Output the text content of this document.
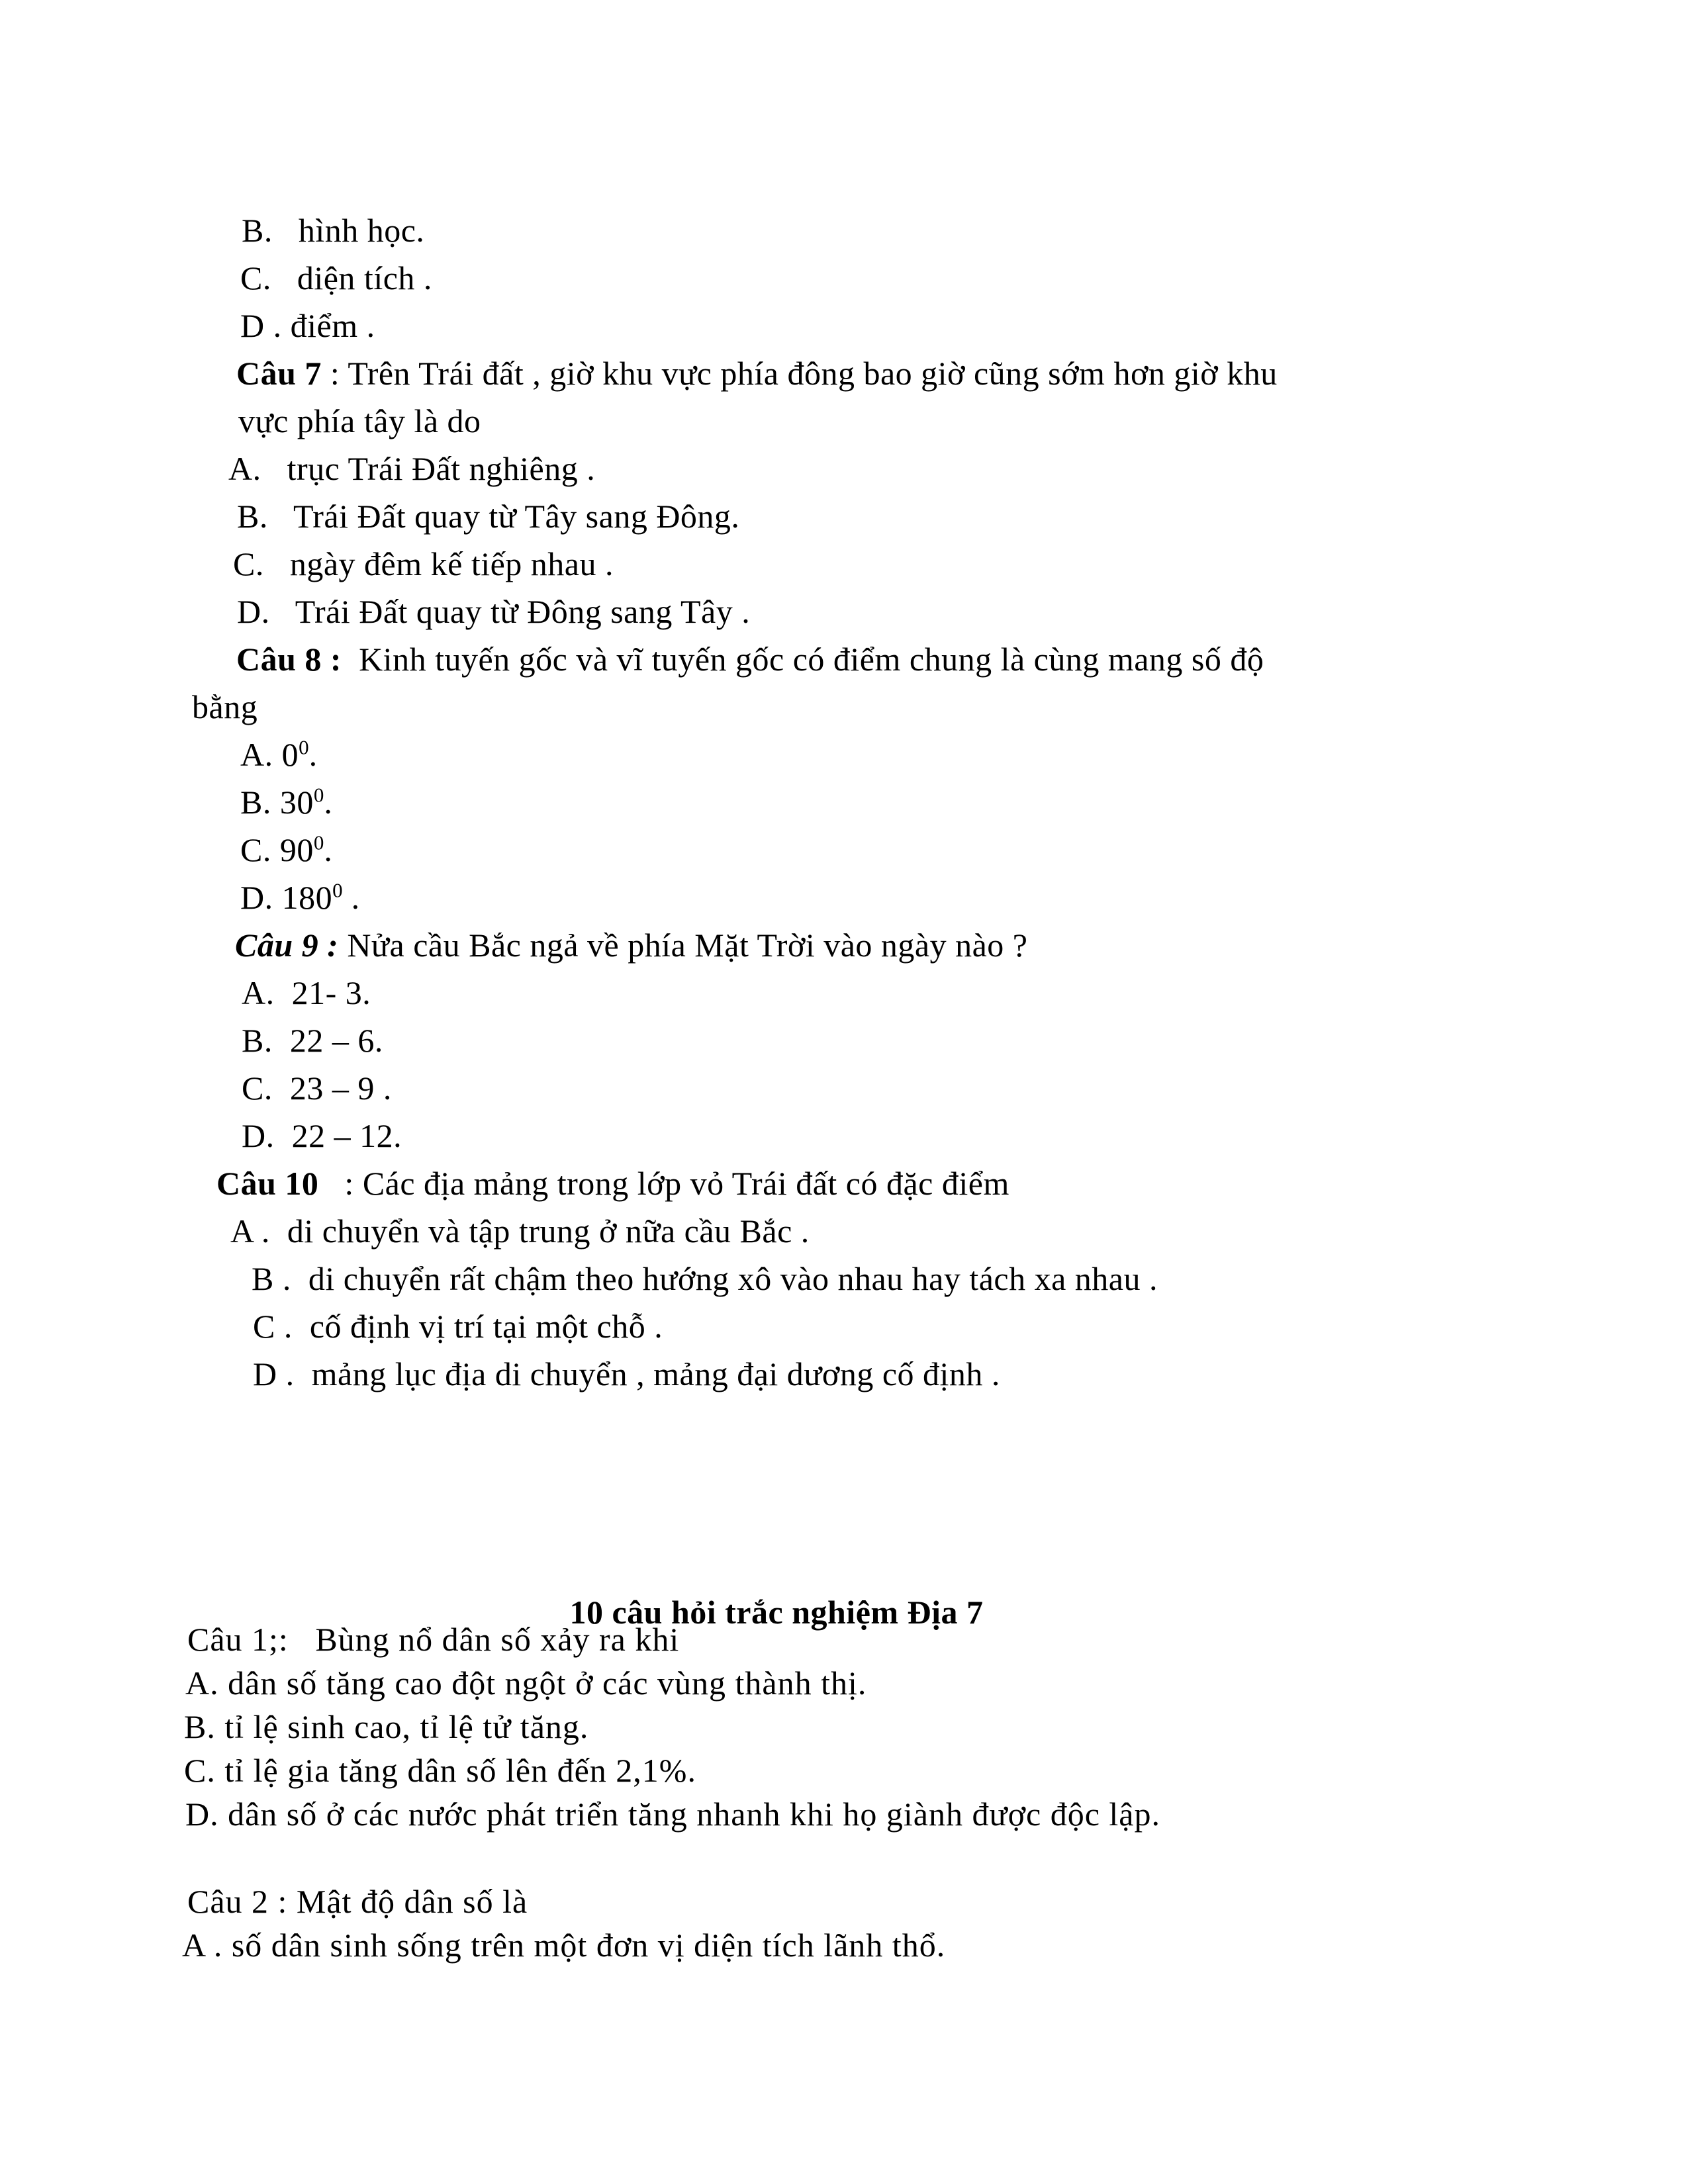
B.   hình học.
C.   diện tích .
D . điểm .
Câu 7 : Trên Trái đất , giờ khu vực phía đông bao giờ cũng sớm hơn giờ khu
vực phía tây là do
A.   trục Trái Đất nghiêng .
B.   Trái Đất quay từ Tây sang Đông.
C.   ngày đêm kế tiếp nhau .
D.   Trái Đất quay từ Đông sang Tây .
Câu 8 :  Kinh tuyến gốc và vĩ tuyến gốc có điểm chung là cùng mang số độ
bằng
A. $0^0$.
B. $30^0$.
C. $90^0$.
D. $180^0$ .
Câu 9 : Nửa cầu Bắc ngả về phía Mặt Trời vào ngày nào ?
A.  21- 3.
B.  22 – 6.
C.  23 – 9 .
D.  22 – 12.
Câu 10   : Các địa mảng trong lớp vỏ Trái đất có đặc điểm
A .  di chuyển và tập trung ở nữa cầu Bắc .
B .  di chuyển rất chậm theo hướng xô vào nhau hay tách xa nhau .
C .  cố định vị trí tại một chỗ .
D .  mảng lục địa di chuyển , mảng đại dương cố định .
10 câu hỏi trắc nghiệm Địa 7
Câu 1;:   Bùng nổ dân số xảy ra khi
A. dân số tăng cao đột ngột ở các vùng thành thị.
B. tỉ lệ sinh cao, tỉ lệ tử tăng.
C. tỉ lệ gia tăng dân số lên đến 2,1%.
D. dân số ở các nước phát triển tăng nhanh khi họ giành được độc lập.
Câu 2 : Mật độ dân số là
A . số dân sinh sống trên một đơn vị diện tích lãnh thổ.
